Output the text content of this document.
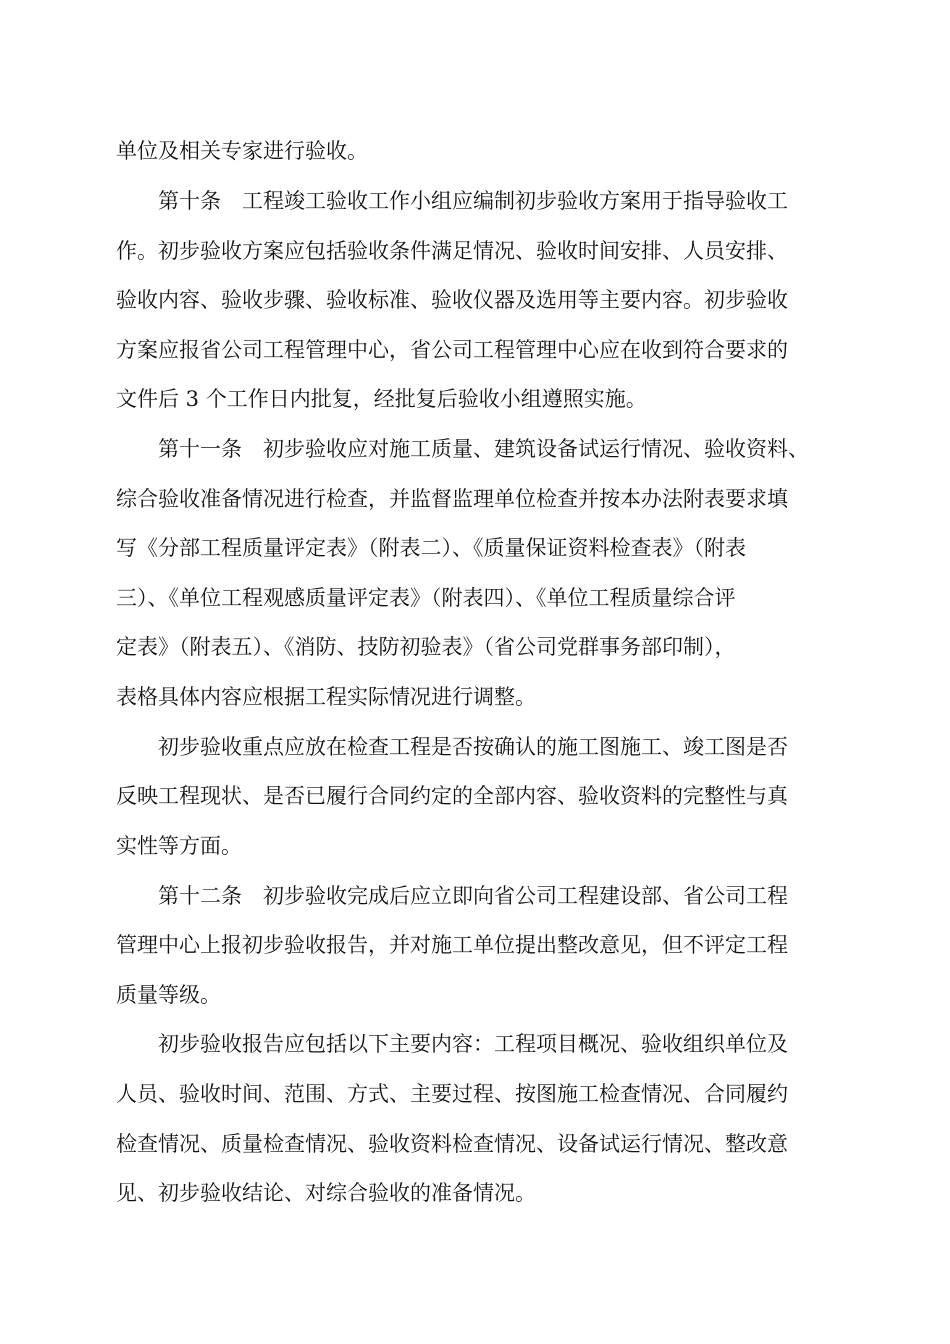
单位及相关专家进行验收。
第十条　工程竣工验收工作小组应编制初步验收方案用于指导验收工
作。初步验收方案应包括验收条件满足情况、验收时间安排、人员安排、
验收内容、验收步骤、验收标准、验收仪器及选用等主要内容。初步验收
方案应报省公司工程管理中心，省公司工程管理中心应在收到符合要求的
文件后 3 个工作日内批复，经批复后验收小组遵照实施。
第十一条　初步验收应对施工质量、建筑设备试运行情况、验收资料、
综合验收准备情况进行检查，并监督监理单位检查并按本办法附表要求填
写《分部工程质量评定表》（附表二）、《质量保证资料检查表》（附表
三）、《单位工程观感质量评定表》（附表四）、《单位工程质量综合评
定表》（附表五）、《消防、技防初验表》（省公司党群事务部印制），
表格具体内容应根据工程实际情况进行调整。
初步验收重点应放在检查工程是否按确认的施工图施工、竣工图是否
反映工程现状、是否已履行合同约定的全部内容、验收资料的完整性与真
实性等方面。
第十二条　初步验收完成后应立即向省公司工程建设部、省公司工程
管理中心上报初步验收报告，并对施工单位提出整改意见，但不评定工程
质量等级。
初步验收报告应包括以下主要内容：工程项目概况、验收组织单位及
人员、验收时间、范围、方式、主要过程、按图施工检查情况、合同履约
检查情况、质量检查情况、验收资料检查情况、设备试运行情况、整改意
见、初步验收结论、对综合验收的准备情况。
